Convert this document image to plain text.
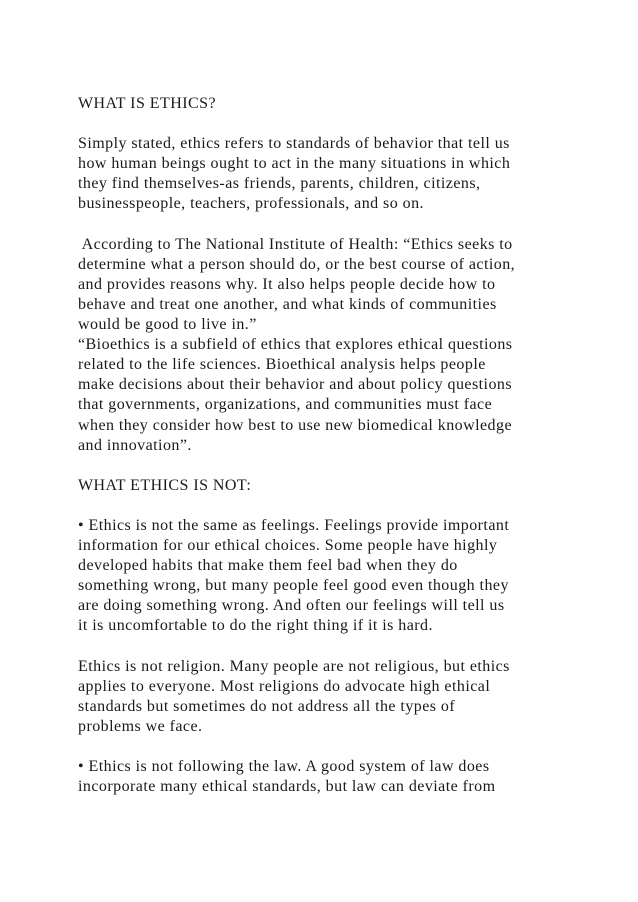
WHAT IS ETHICS?
Simply stated, ethics refers to standards of behavior that tell us
how human beings ought to act in the many situations in which
they find themselves-as friends, parents, children, citizens,
businesspeople, teachers, professionals, and so on.
According to The National Institute of Health: “Ethics seeks to
determine what a person should do, or the best course of action,
and provides reasons why. It also helps people decide how to
behave and treat one another, and what kinds of communities
would be good to live in.”
“Bioethics is a subfield of ethics that explores ethical questions
related to the life sciences. Bioethical analysis helps people
make decisions about their behavior and about policy questions
that governments, organizations, and communities must face
when they consider how best to use new biomedical knowledge
and innovation”.
WHAT ETHICS IS NOT:
• Ethics is not the same as feelings. Feelings provide important
information for our ethical choices. Some people have highly
developed habits that make them feel bad when they do
something wrong, but many people feel good even though they
are doing something wrong. And often our feelings will tell us
it is uncomfortable to do the right thing if it is hard.
Ethics is not religion. Many people are not religious, but ethics
applies to everyone. Most religions do advocate high ethical
standards but sometimes do not address all the types of
problems we face.
• Ethics is not following the law. A good system of law does
incorporate many ethical standards, but law can deviate from
